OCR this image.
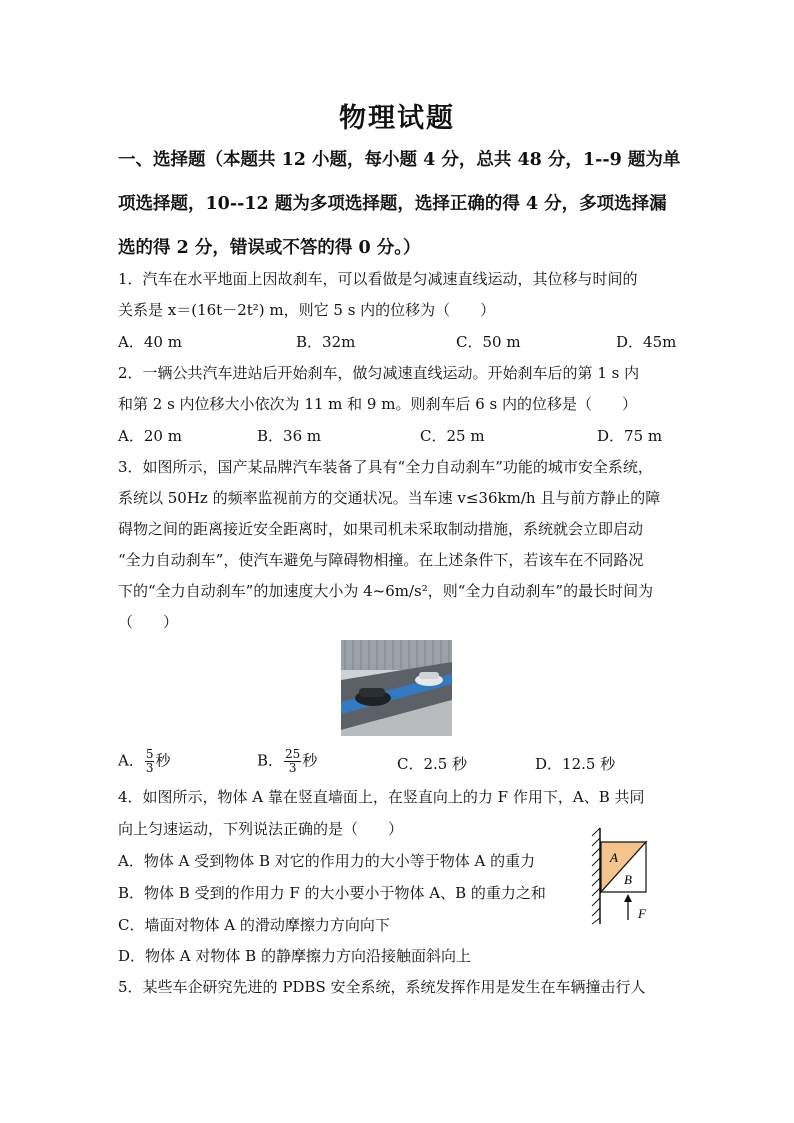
物理试题
一、选择题（本题共 12 小题，每小题 4 分，总共 48 分，1--9 题为单
项选择题，10--12 题为多项选择题，选择正确的得 4 分，多项选择漏
选的得 2 分，错误或不答的得 0 分。）
1．汽车在水平地面上因故刹车，可以看做是匀减速直线运动，其位移与时间的
关系是 x＝(16t－2t²) m，则它 5 s 内的位移为（　　）
A．40 m	B．32m	C．50 m	D．45m
2．一辆公共汽车进站后开始刹车，做匀减速直线运动。开始刹车后的第 1 s 内
和第 2 s 内位移大小依次为 11 m 和 9 m。则刹车后 6 s 内的位移是（　　）
A．20 m	B．36 m	C．25 m	D．75 m
3．如图所示，国产某品牌汽车装备了具有“全力自动刹车”功能的城市安全系统，
系统以 50Hz 的频率监视前方的交通状况。当车速 v≤36km/h 且与前方静止的障
碍物之间的距离接近安全距离时，如果司机未采取制动措施，系统就会立即启动
“全力自动刹车”，使汽车避免与障碍物相撞。在上述条件下，若该车在不同路况
下的“全力自动刹车”的加速度大小为 4~6m/s²，则“全力自动刹车”的最长时间为
（　　）
A． $\frac{5}{3}$ 秒	B． $\frac{25}{3}$ 秒	C．2.5 秒	D．12.5 秒
4．如图所示，物体 A 靠在竖直墙面上，在竖直向上的力 F 作用下，A、B 共同
向上匀速运动，下列说法正确的是（　　）
A．物体 A 受到物体 B 对它的作用力的大小等于物体 A 的重力
B．物体 B 受到的作用力 F 的大小要小于物体 A、B 的重力之和
C．墙面对物体 A 的滑动摩擦力方向向下
D．物体 A 对物体 B 的静摩擦力方向沿接触面斜向上
A
B
F
5．某些车企研究先进的 PDBS 安全系统，系统发挥作用是发生在车辆撞击行人
